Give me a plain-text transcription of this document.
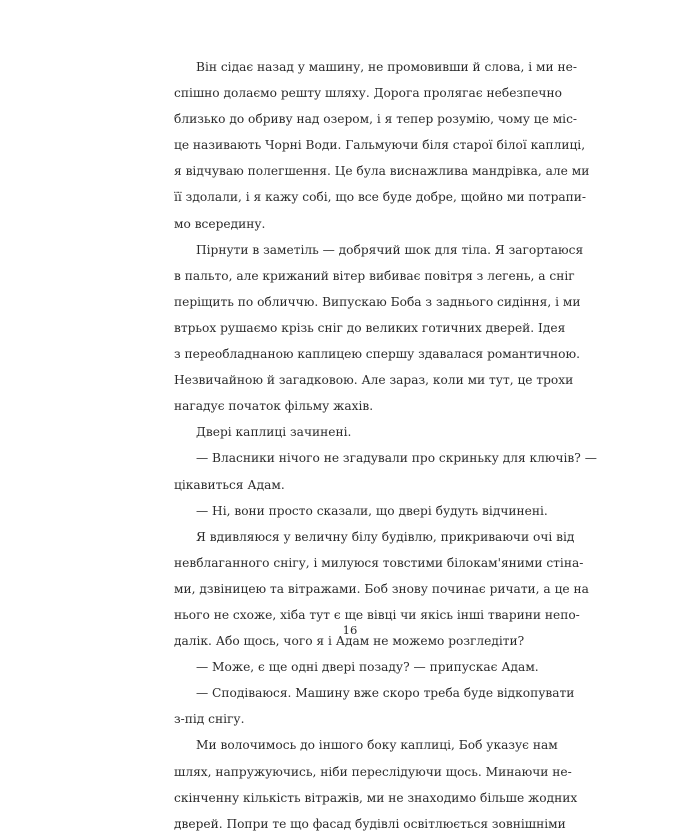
Він сідає назад у машину, не промовивши й слова, і ми не-
спішно долаємо решту шляху. Дорога пролягає небезпечно
близько до обриву над озером, і я тепер розумію, чому це міс-
це називають Чорні Води. Гальмуючи біля старої білої каплиці,
я відчуваю полегшення. Це була виснажлива мандрівка, але ми
її здолали, і я кажу собі, що все буде добре, щойно ми потрапи-
мо всередину.
Пірнути в заметіль — добрячий шок для тіла. Я загортаюся
в пальто, але крижаний вітер вибиває повітря з легень, а сніг
періщить по обличчю. Випускаю Боба з заднього сидіння, і ми
втрьох рушаємо крізь сніг до великих готичних дверей. Ідея
з переобладнаною каплицею спершу здавалася романтичною.
Незвичайною й загадковою. Але зараз, коли ми тут, це трохи
нагадує початок фільму жахів.
Двері каплиці зачинені.
— Власники нічого не згадували про скриньку для ключів? —
цікавиться Адам.
— Ні, вони просто сказали, що двері будуть відчинені.
Я вдивляюся у величну білу будівлю, прикриваючи очі від
невблаганного снігу, і милуюся товстими білокам'яними стіна-
ми, дзвіницею та вітражами. Боб знову починає ричати, а це на
нього не схоже, хіба тут є ще вівці чи якісь інші тварини непо-
далік. Або щось, чого я і Адам не можемо розгледіти?
— Може, є ще одні двері позаду? — припускає Адам.
— Сподіваюся. Машину вже скоро треба буде відкопувати
з-під снігу.
Ми волочимось до іншого боку каплиці, Боб указує нам
шлях, напружуючись, ніби переслідуючи щось. Минаючи не-
скінченну кількість вітражів, ми не знаходимо більше жодних
дверей. Попри те що фасад будівлі освітлюється зовнішніми
16
